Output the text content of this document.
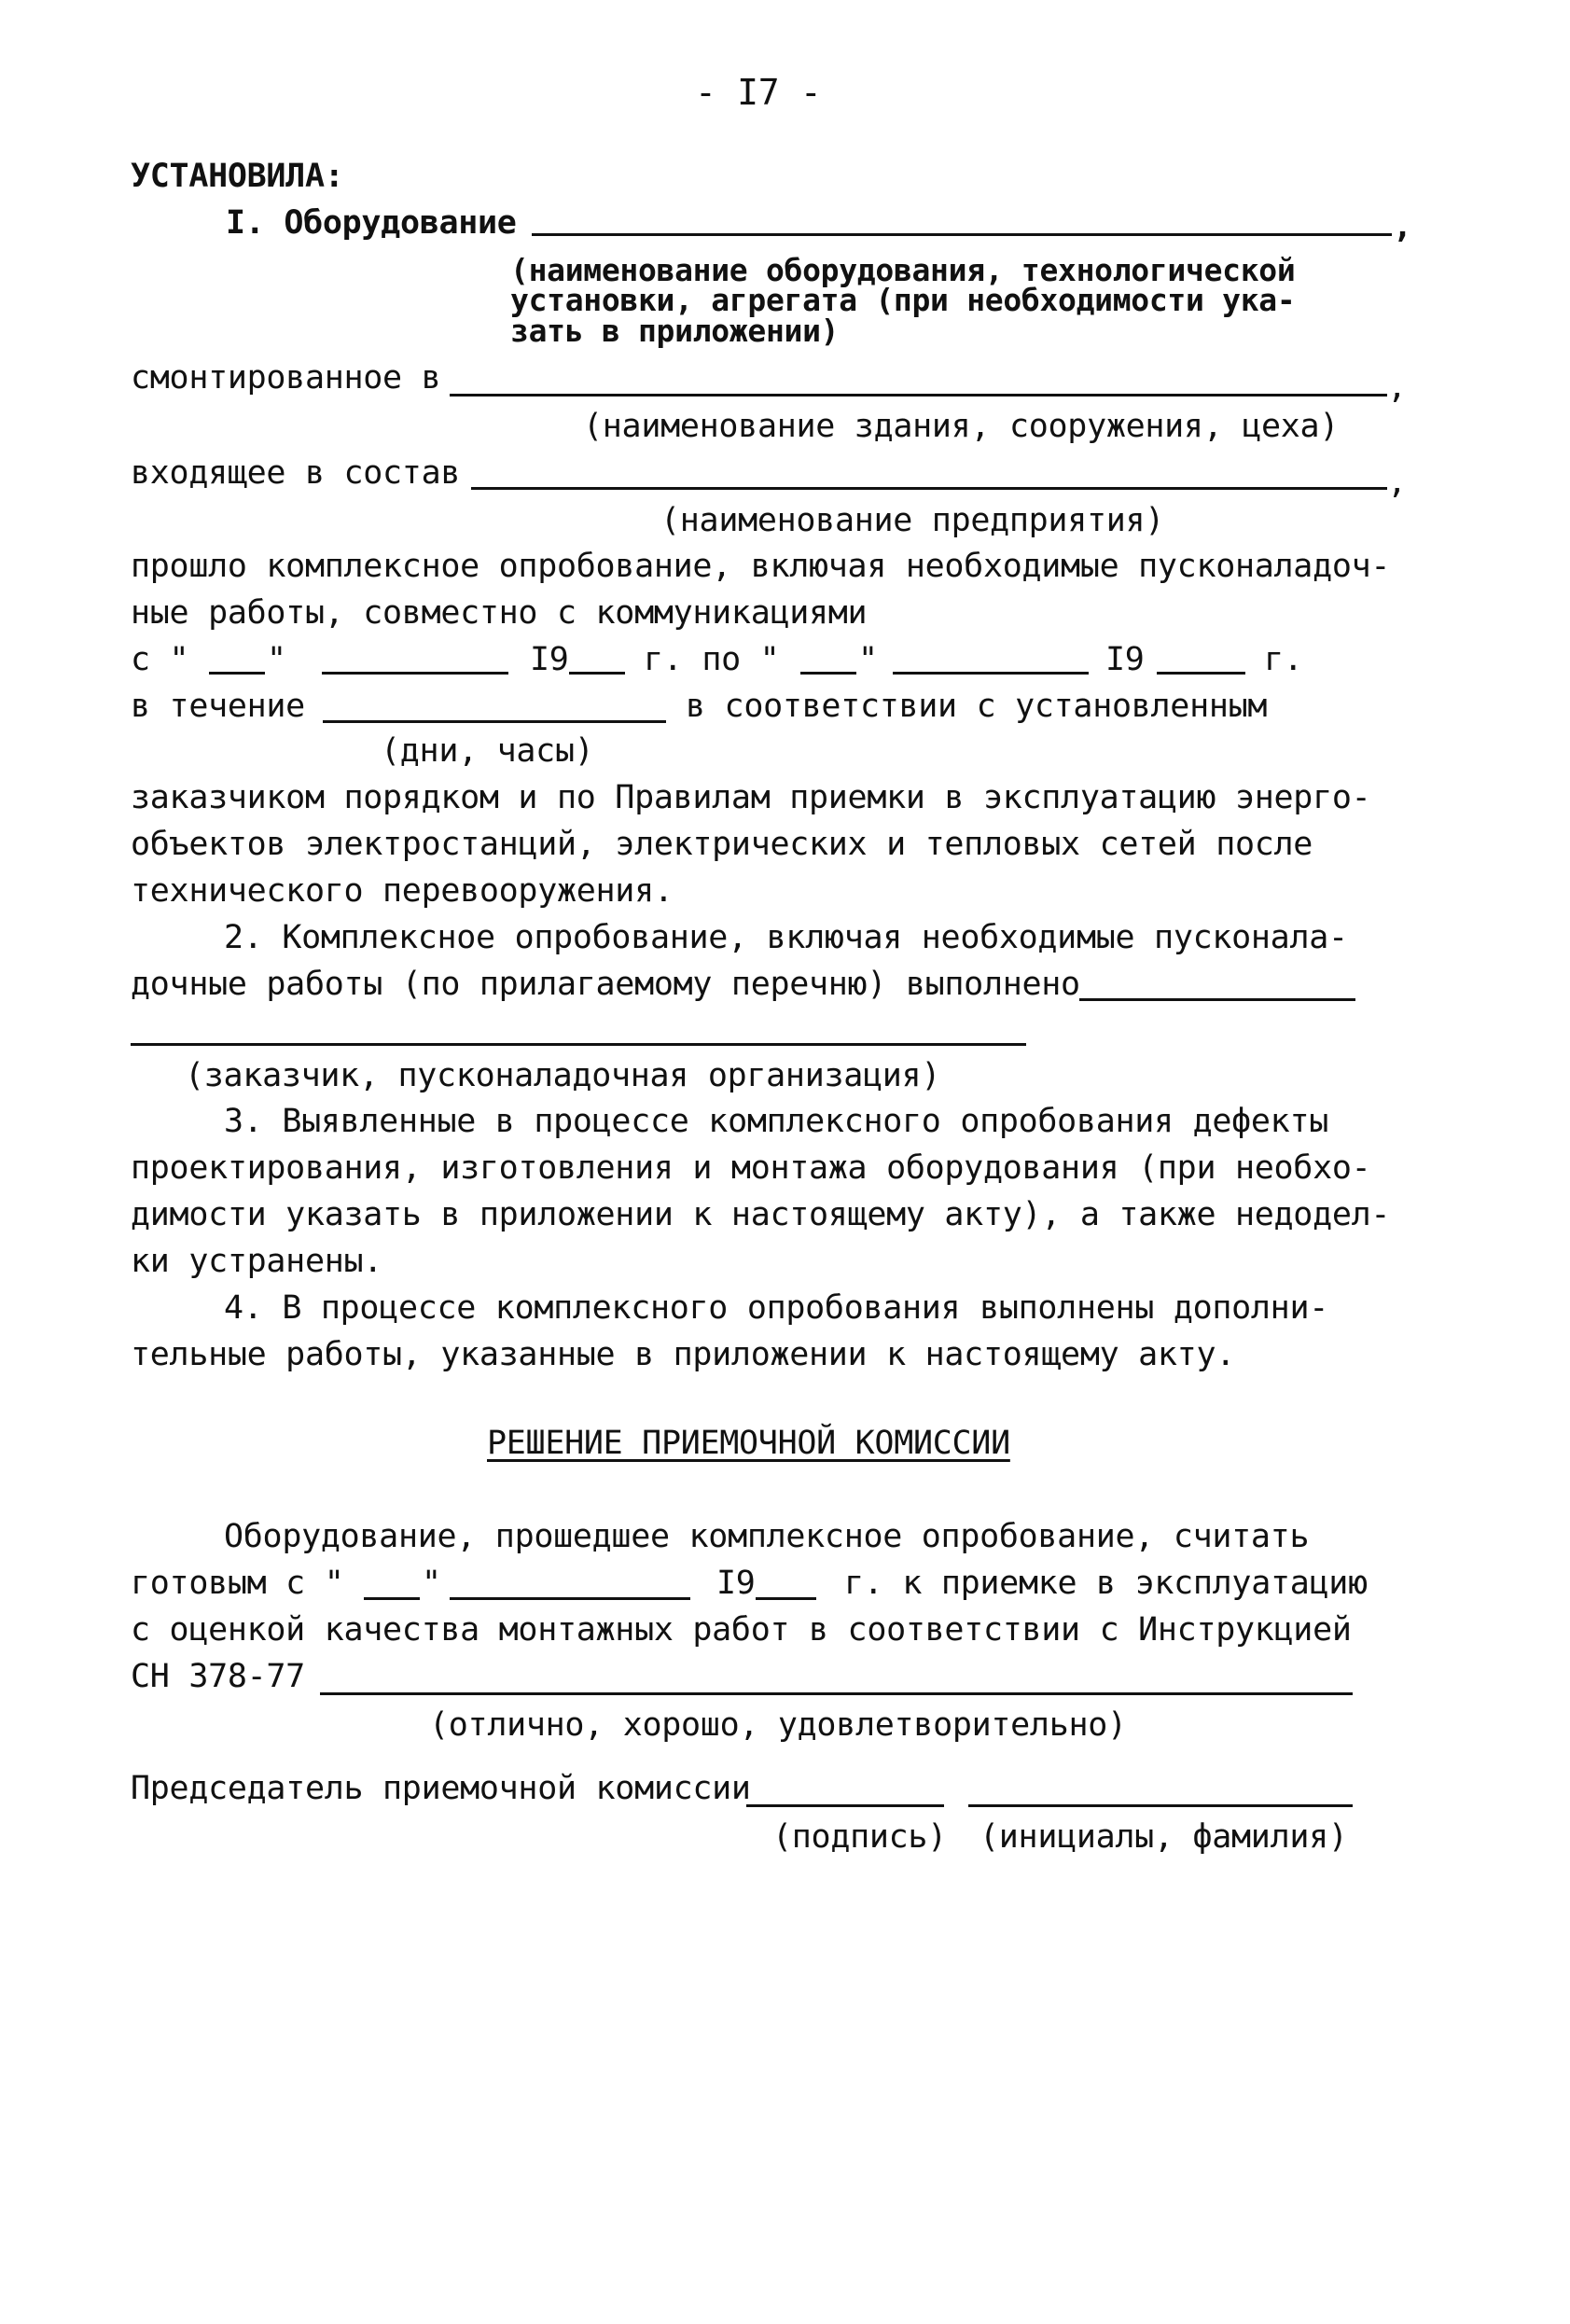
- I7 -
УСТАНОВИЛА:
I. Оборудование	,
(наименование оборудования, технологической
установки, агрегата (при необходимости ука-
зать в приложении)
смонтированное в	,
(наименование здания, сооружения, цеха)
входящее в состав	,
(наименование предприятия)
прошло комплексное опробование, включая необходимые пусконаладоч-
ные работы, совместно с коммуникациями
с " "	I9 г. по " "	I9	г.
в течение	в соответствии с установленным
(дни, часы)
заказчиком порядком и по Правилам приемки в эксплуатацию энерго-
объектов электростанций, электрических и тепловых сетей после
технического перевооружения.
2. Комплексное опробование, включая необходимые пусконала-
дочные работы (по прилагаемому перечню) выполнено
(заказчик, пусконаладочная организация)
3. Выявленные в процессе комплексного опробования дефекты
проектирования, изготовления и монтажа оборудования (при необхо-
димости указать в приложении к настоящему акту), а также недодел-
ки устранены.
4. В процессе комплексного опробования выполнены дополни-
тельные работы, указанные в приложении к настоящему акту.
РЕШЕНИЕ ПРИЕМОЧНОЙ КОМИССИИ
Оборудование, прошедшее комплексное опробование, считать
готовым с " "	I9	г. к приемке в эксплуатацию
с оценкой качества монтажных работ в соответствии с Инструкцией
СН 378-77
(отлично, хорошо, удовлетворительно)
Председатель приемочной комиссии
(подпись) (инициалы, фамилия)
